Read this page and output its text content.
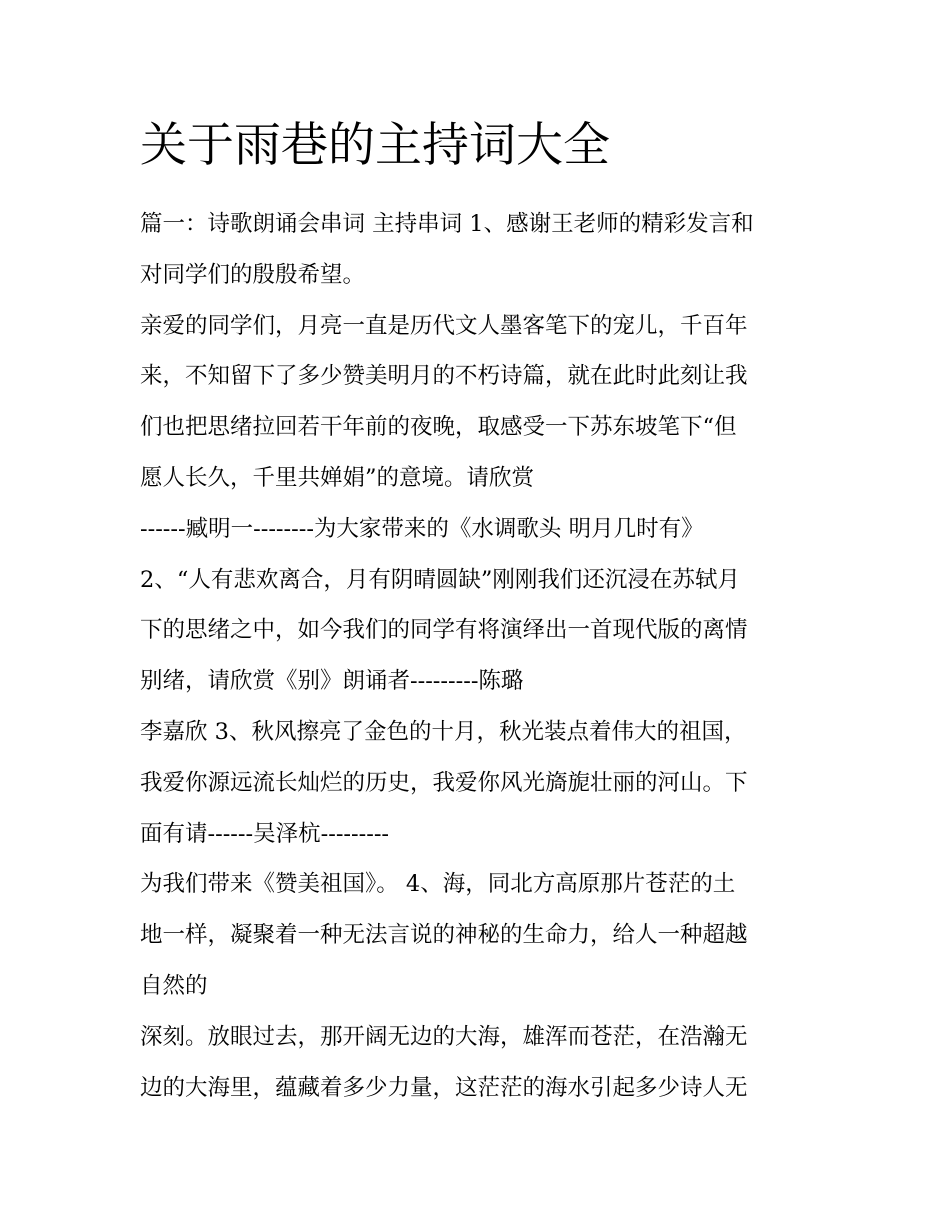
关于雨巷的主持词大全
篇一：诗歌朗诵会串词 主持串词 1、感谢王老师的精彩发言和
对同学们的殷殷希望。
亲爱的同学们，月亮一直是历代文人墨客笔下的宠儿，千百年
来，不知留下了多少赞美明月的不朽诗篇，就在此时此刻让我
们也把思绪拉回若干年前的夜晚，取感受一下苏东坡笔下“但
愿人长久，千里共婵娟”的意境。请欣赏
------臧明一--------为大家带来的《水调歌头 明月几时有》
2、“人有悲欢离合，月有阴晴圆缺”刚刚我们还沉浸在苏轼月
下的思绪之中，如今我们的同学有将演绎出一首现代版的离情
别绪，请欣赏《别》朗诵者---------陈璐
李嘉欣 3、秋风擦亮了金色的十月，秋光装点着伟大的祖国，
我爱你源远流长灿烂的历史，我爱你风光旖旎壮丽的河山。下
面有请------吴泽杭---------
为我们带来《赞美祖国》。 4、海，同北方高原那片苍茫的土
地一样，凝聚着一种无法言说的神秘的生命力，给人一种超越
自然的
深刻。放眼过去，那开阔无边的大海，雄浑而苍茫，在浩瀚无
边的大海里，蕴藏着多少力量，这茫茫的海水引起多少诗人无
